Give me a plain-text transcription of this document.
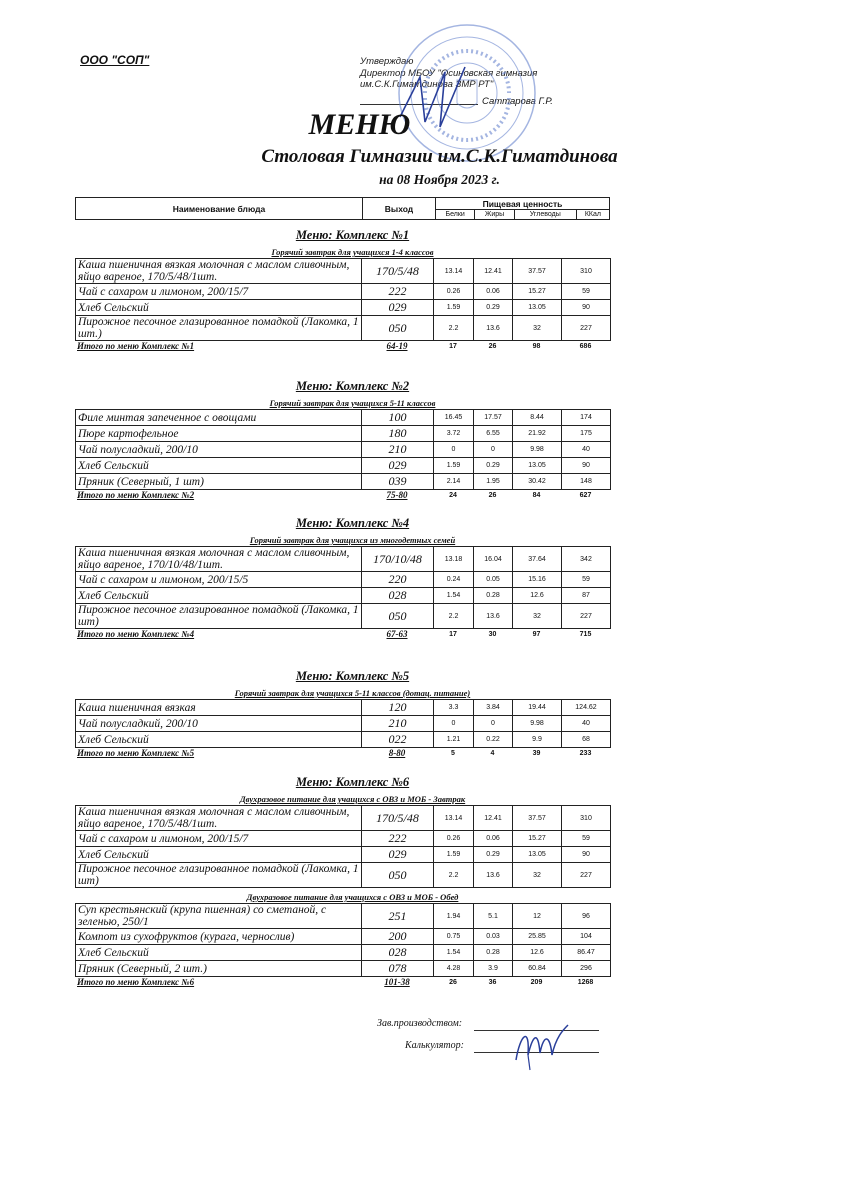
ООО "СОП"	Утверждаю
Директор МБОУ "Осиновская гимназия
им.С.К.Гиматдинова ЗМР РТ"
Саттарова Г.Р.
МЕНЮ
Столовая Гимназии им.С.К.Гиматдинова
на 08 Ноября 2023 г.
Наименование блюда	Выход	Пищевая ценность			
		Белки	Жиры	Углеводы	ККал
Меню: Комплекс №1
Горячий завтрак для учащихся 1-4 классов
Каша пшеничная вязкая молочная с маслом сливочным, яйцо вареное, 170/5/48/1шт.	170/5/48	13.14	12.41	37.57	310
Чай с сахаром и лимоном, 200/15/7	222	0.26	0.06	15.27	59
Хлеб Сельский	029	1.59	0.29	13.05	90
Пирожное песочное глазированное помадкой (Лакомка, 1 шт.)	050	2.2	13.6	32	227
Итого по меню Комплекс №1	64-19	17	26	98	686
Меню: Комплекс №2
Горячий завтрак для учащихся 5-11 классов
Филе минтая запеченное с овощами	100	16.45	17.57	8.44	174
Пюре картофельное	180	3.72	6.55	21.92	175
Чай полусладкий, 200/10	210	0	0	9.98	40
Хлеб Сельский	029	1.59	0.29	13.05	90
Пряник (Северный, 1 шт)	039	2.14	1.95	30.42	148
Итого по меню Комплекс №2	75-80	24	26	84	627
Меню: Комплекс №4
Горячий завтрак для учащихся из многодетных семей
Каша пшеничная вязкая молочная с маслом сливочным, яйцо вареное, 170/10/48/1шт.	170/10/48	13.18	16.04	37.64	342
Чай с сахаром и лимоном, 200/15/5	220	0.24	0.05	15.16	59
Хлеб Сельский	028	1.54	0.28	12.6	87
Пирожное песочное глазированное помадкой (Лакомка, 1 шт)	050	2.2	13.6	32	227
Итого по меню Комплекс №4	67-63	17	30	97	715
Меню: Комплекс №5
Горячий завтрак для учащихся 5-11 классов (дотац. питание)
Каша пшеничная вязкая	120	3.3	3.84	19.44	124.62
Чай полусладкий, 200/10	210	0	0	9.98	40
Хлеб Сельский	022	1.21	0.22	9.9	68
Итого по меню Комплекс №5	8-80	5	4	39	233
Меню: Комплекс №6
Двухразовое питание для учащихся с ОВЗ и МОБ - Завтрак
Каша пшеничная вязкая молочная с маслом сливочным, яйцо вареное, 170/5/48/1шт.	170/5/48	13.14	12.41	37.57	310
Чай с сахаром и лимоном, 200/15/7	222	0.26	0.06	15.27	59
Хлеб Сельский	029	1.59	0.29	13.05	90
Пирожное песочное глазированное помадкой (Лакомка, 1 шт)	050	2.2	13.6	32	227
Двухразовое питание для учащихся с ОВЗ и МОБ - Обед
Суп крестьянский (крупа пшенная) со сметаной, с зеленью, 250/1	251	1.94	5.1	12	96
Компот из сухофруктов (курага, чернослив)	200	0.75	0.03	25.85	104
Хлеб Сельский	028	1.54	0.28	12.6	86.47
Пряник (Северный, 2 шт.)	078	4.28	3.9	60.84	296
Итого по меню Комплекс №6	101-38	26	36	209	1268
Зав.производством:
Калькулятор:
